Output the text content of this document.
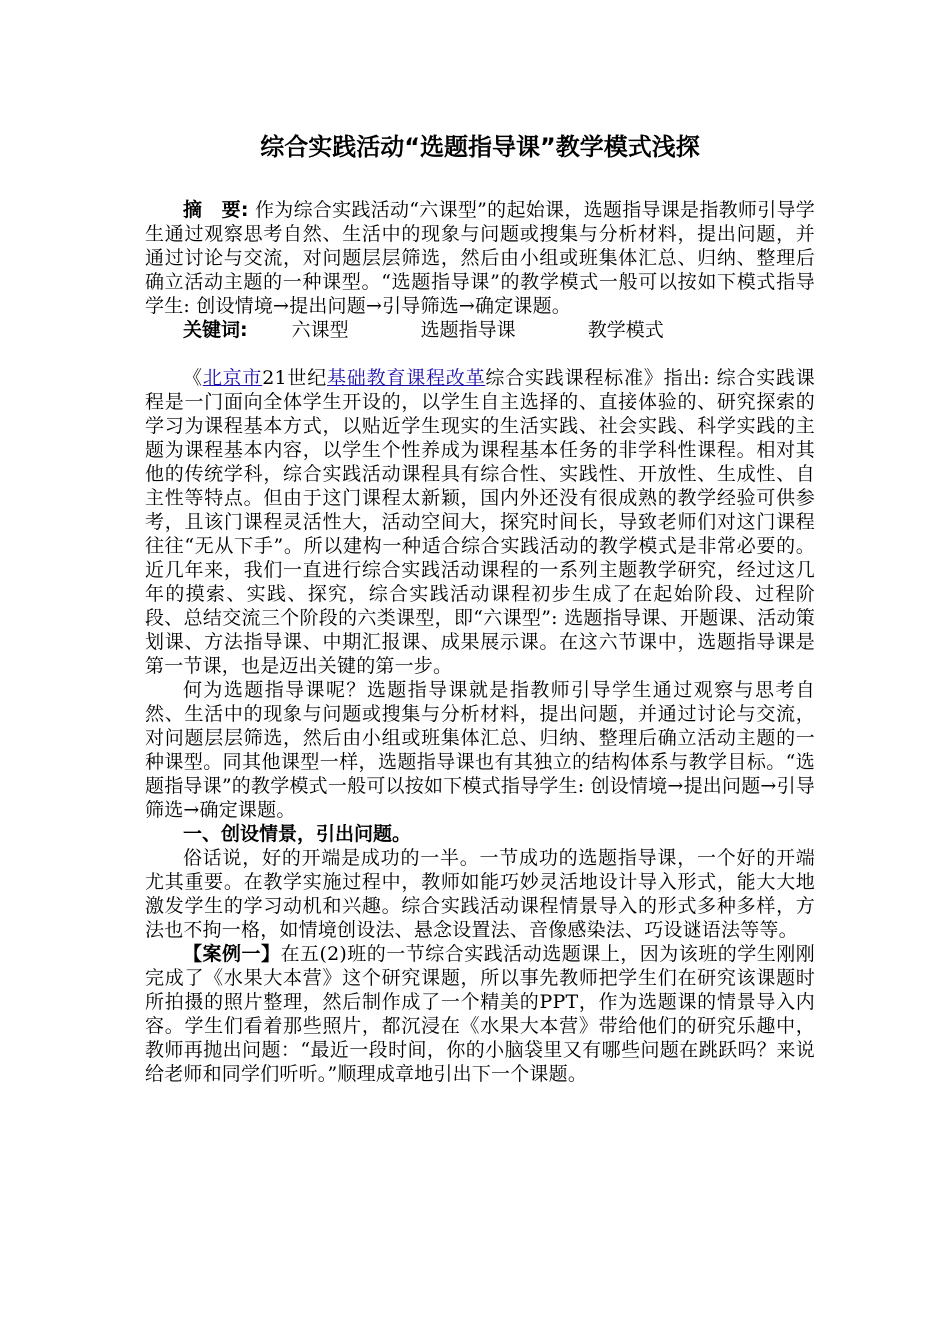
综合实践活动“选题指导课”教学模式浅探

摘　要: 作为综合实践活动“六课型”的起始课，选题指导课是指教师引导学生通过观察思考自然、生活中的现象与问题或搜集与分析材料，提出问题，并通过讨论与交流，对问题层层筛选，然后由小组或班集体汇总、归纳、整理后确立活动主题的一种课型。“选题指导课”的教学模式一般可以按如下模式指导学生: 创设情境→提出问题→引导筛选→确定课题。

关键词: 六课型	选题指导课	教学模式

《北京市21世纪基础教育课程改革综合实践课程标准》指出: 综合实践课程是一门面向全体学生开设的，以学生自主选择的、直接体验的、研究探索的学习为课程基本方式，以贴近学生现实的生活实践、社会实践、科学实践的主题为课程基本内容，以学生个性养成为课程基本任务的非学科性课程。相对其他的传统学科，综合实践活动课程具有综合性、实践性、开放性、生成性、自主性等特点。但由于这门课程太新颖，国内外还没有很成熟的教学经验可供参考，且该门课程灵活性大，活动空间大，探究时间长，导致老师们对这门课程往往“无从下手”。所以建构一种适合综合实践活动的教学模式是非常必要的。近几年来，我们一直进行综合实践活动课程的一系列主题教学研究，经过这几年的摸索、实践、探究，综合实践活动课程初步生成了在起始阶段、过程阶段、总结交流三个阶段的六类课型，即“六课型”: 选题指导课、开题课、活动策划课、方法指导课、中期汇报课、成果展示课。在这六节课中，选题指导课是第一节课，也是迈出关键的第一步。

何为选题指导课呢？选题指导课就是指教师引导学生通过观察与思考自然、生活中的现象与问题或搜集与分析材料，提出问题，并通过讨论与交流，对问题层层筛选，然后由小组或班集体汇总、归纳、整理后确立活动主题的一种课型。同其他课型一样，选题指导课也有其独立的结构体系与教学目标。“选题指导课”的教学模式一般可以按如下模式指导学生: 创设情境→提出问题→引导筛选→确定课题。

一、创设情景，引出问题。

俗话说，好的开端是成功的一半。一节成功的选题指导课，一个好的开端尤其重要。在教学实施过程中，教师如能巧妙灵活地设计导入形式，能大大地激发学生的学习动机和兴趣。综合实践活动课程情景导入的形式多种多样，方法也不拘一格，如情境创设法、悬念设置法、音像感染法、巧设谜语法等等。

【案例一】在五(2)班的一节综合实践活动选题课上，因为该班的学生刚刚完成了《水果大本营》这个研究课题，所以事先教师把学生们在研究该课题时所拍摄的照片整理，然后制作成了一个精美的PPT，作为选题课的情景导入内容。学生们看着那些照片，都沉浸在《水果大本营》带给他们的研究乐趣中，教师再抛出问题：“最近一段时间，你的小脑袋里又有哪些问题在跳跃吗？来说给老师和同学们听听。”顺理成章地引出下一个课题。
